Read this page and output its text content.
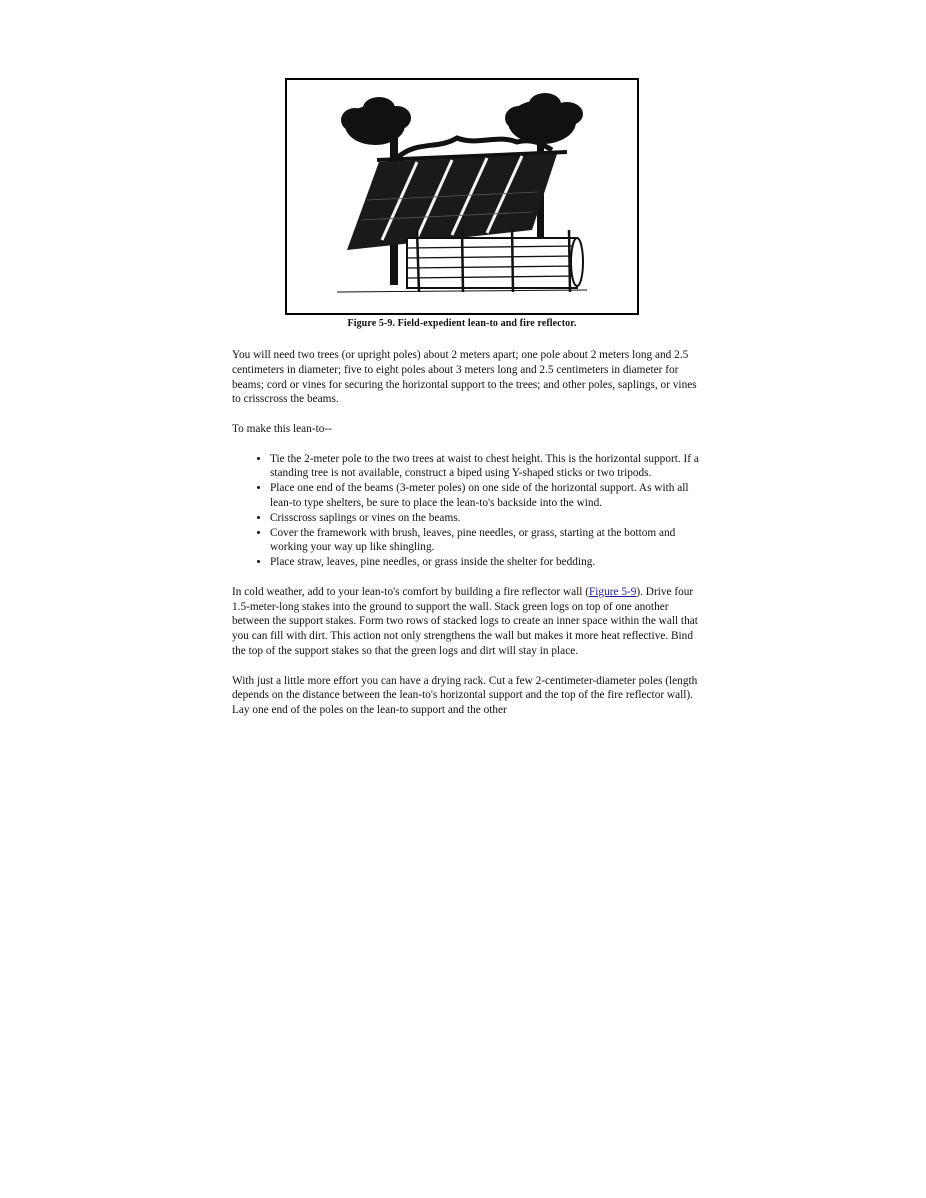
Figure 5-9. Field-expedient lean-to and fire reflector.

You will need two trees (or upright poles) about 2 meters apart; one pole about 2 meters long and 2.5 centimeters in diameter; five to eight poles about 3 meters long and 2.5 centimeters in diameter for beams; cord or vines for securing the horizontal support to the trees; and other poles, saplings, or vines to crisscross the beams.

To make this lean-to--

• Tie the 2-meter pole to the two trees at waist to chest height. This is the horizontal support. If a standing tree is not available, construct a biped using Y-shaped sticks or two tripods.
• Place one end of the beams (3-meter poles) on one side of the horizontal support. As with all lean-to type shelters, be sure to place the lean-to's backside into the wind.
• Crisscross saplings or vines on the beams.
• Cover the framework with brush, leaves, pine needles, or grass, starting at the bottom and working your way up like shingling.
• Place straw, leaves, pine needles, or grass inside the shelter for bedding.

In cold weather, add to your lean-to's comfort by building a fire reflector wall (Figure 5-9). Drive four 1.5-meter-long stakes into the ground to support the wall. Stack green logs on top of one another between the support stakes. Form two rows of stacked logs to create an inner space within the wall that you can fill with dirt. This action not only strengthens the wall but makes it more heat reflective. Bind the top of the support stakes so that the green logs and dirt will stay in place.

With just a little more effort you can have a drying rack. Cut a few 2-centimeter-diameter poles (length depends on the distance between the lean-to's horizontal support and the top of the fire reflector wall). Lay one end of the poles on the lean-to support and the other
